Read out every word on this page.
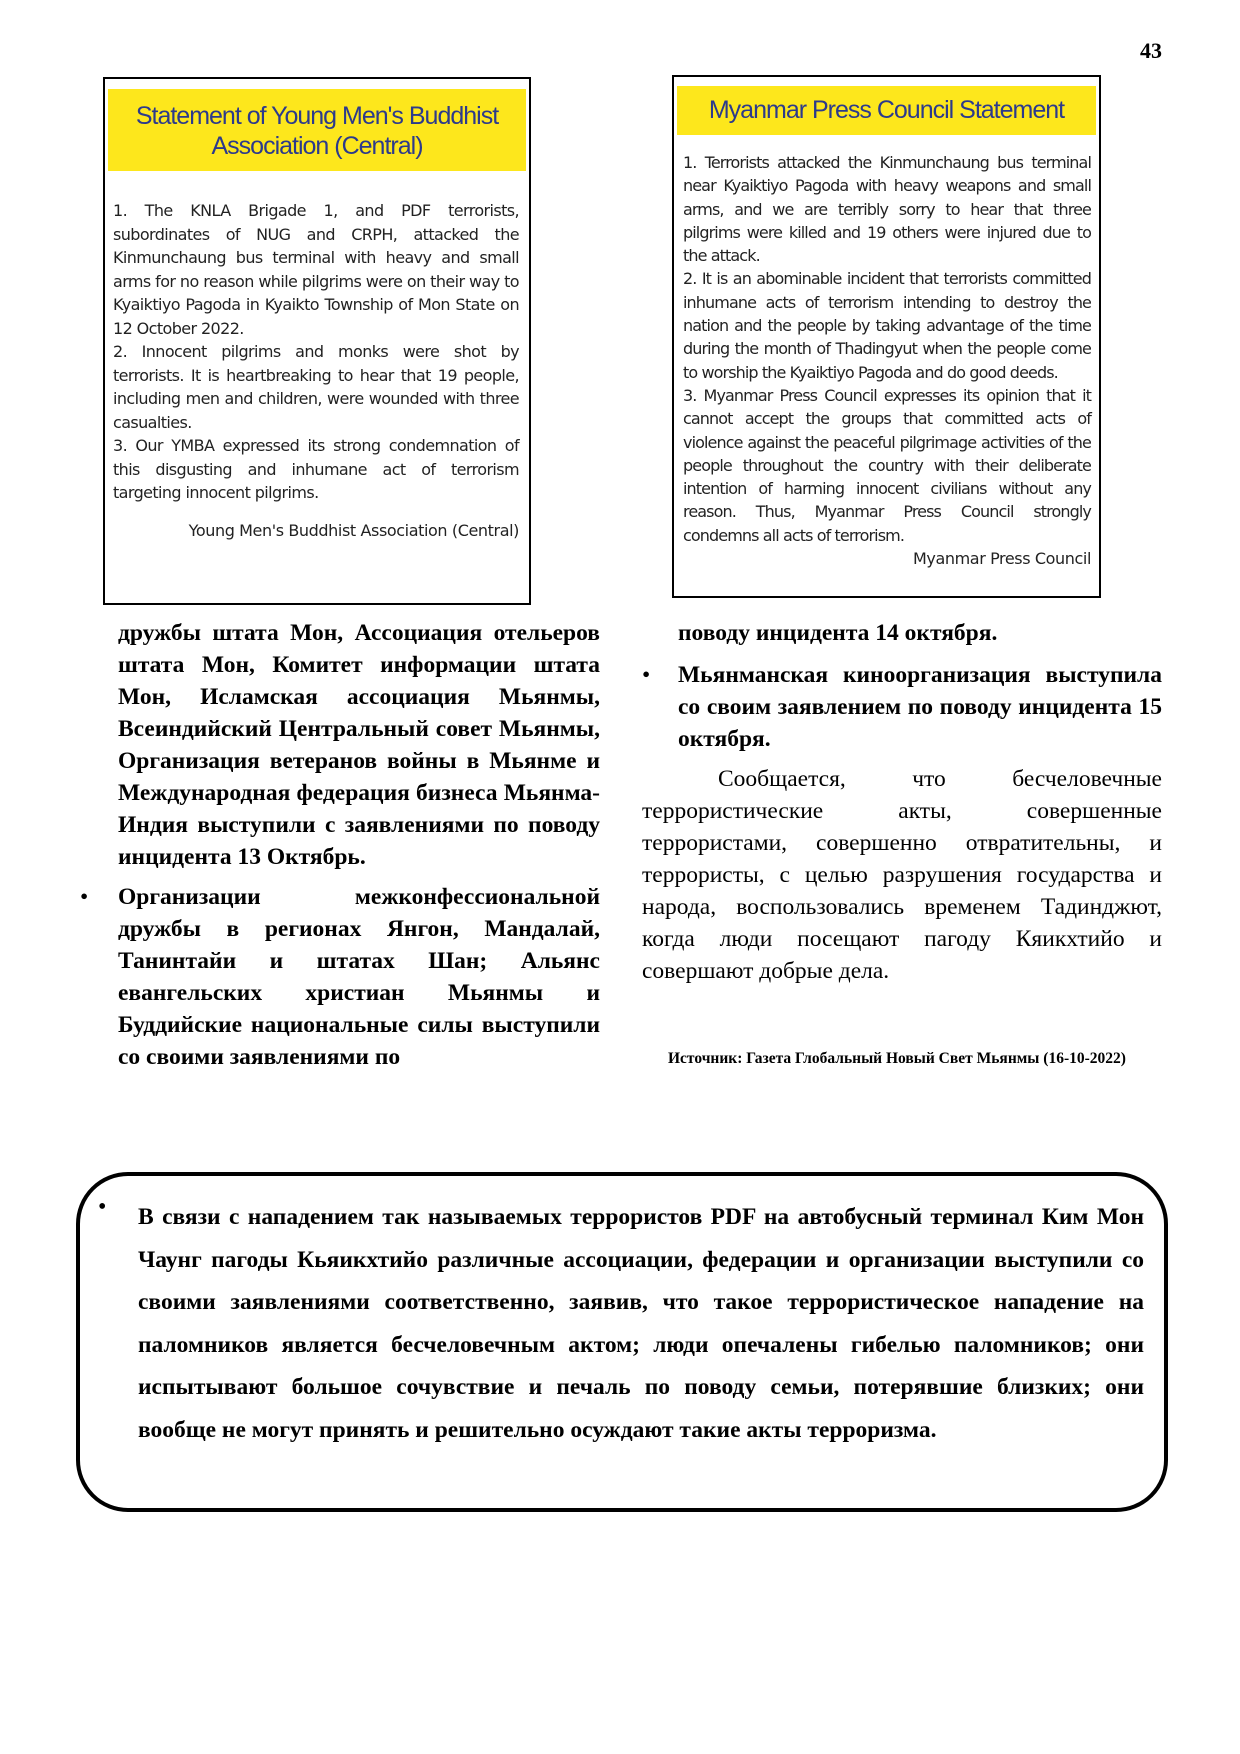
43
Statement of Young Men's Buddhist Association (Central)
1. The KNLA Brigade 1, and PDF terrorists, subordinates of NUG and CRPH, attacked the Kinmunchaung bus terminal with heavy and small arms for no reason while pilgrims were on their way to Kyaiktiyo Pagoda in Kyaikto Township of Mon State on 12 October 2022.
2. Innocent pilgrims and monks were shot by terrorists. It is heartbreaking to hear that 19 people, including men and children, were wounded with three casualties.
3. Our YMBA expressed its strong condemnation of this disgusting and inhumane act of terrorism targeting innocent pilgrims.
Young Men's Buddhist Association (Central)
Myanmar Press Council Statement
1. Terrorists attacked the Kinmunchaung bus terminal near Kyaiktiyo Pagoda with heavy weapons and small arms, and we are terribly sorry to hear that three pilgrims were killed and 19 others were injured due to the attack.
2. It is an abominable incident that terrorists committed inhumane acts of terrorism intending to destroy the nation and the people by taking advantage of the time during the month of Thadingyut when the people come to worship the Kyaiktiyo Pagoda and do good deeds.
3. Myanmar Press Council expresses its opinion that it cannot accept the groups that committed acts of violence against the peaceful pilgrimage activities of the people throughout the country with their deliberate intention of harming innocent civilians without any reason. Thus, Myanmar Press Council strongly condemns all acts of terrorism.
Myanmar Press Council
дружбы штата Мон, Ассоциация отельеров штата Мон, Комитет информации штата Мон, Исламская ассоциация Мьянмы, Всеиндийский Центральный совет Мьянмы, Организация ветеранов войны в Мьянме и Международная федерация бизнеса Мьянма-Индия выступили с заявлениями по поводу инцидента 13 Октябрь.
• Организации межконфессиональной дружбы в регионах Янгон, Мандалай, Танинтайи и штатах Шан; Альянс евангельских христиан Мьянмы и Буддийские национальные силы выступили со своими заявлениями по
поводу инцидента 14 октября.
• Мьянманская киноорганизация выступила со своим заявлением по поводу инцидента 15 октября.
Сообщается, что бесчеловечные террористические акты, совершенные террористами, совершенно отвратительны, и террористы, с целью разрушения государства и народа, воспользовались временем Тадинджют, когда люди посещают пагоду Кяикхтийо и совершают добрые дела.
Источник: Газета Глобальный Новый Свет Мьянмы (16-10-2022)
• В связи с нападением так называемых террористов PDF на автобусный терминал Ким Мон Чаунг пагоды Кьяикхтийо различные ассоциации, федерации и организации выступили со своими заявлениями соответственно, заявив, что такое террористическое нападение на паломников является бесчеловечным актом; люди опечалены гибелью паломников; они испытывают большое сочувствие и печаль по поводу семьи, потерявшие близких; они вообще не могут принять и решительно осуждают такие акты терроризма.
